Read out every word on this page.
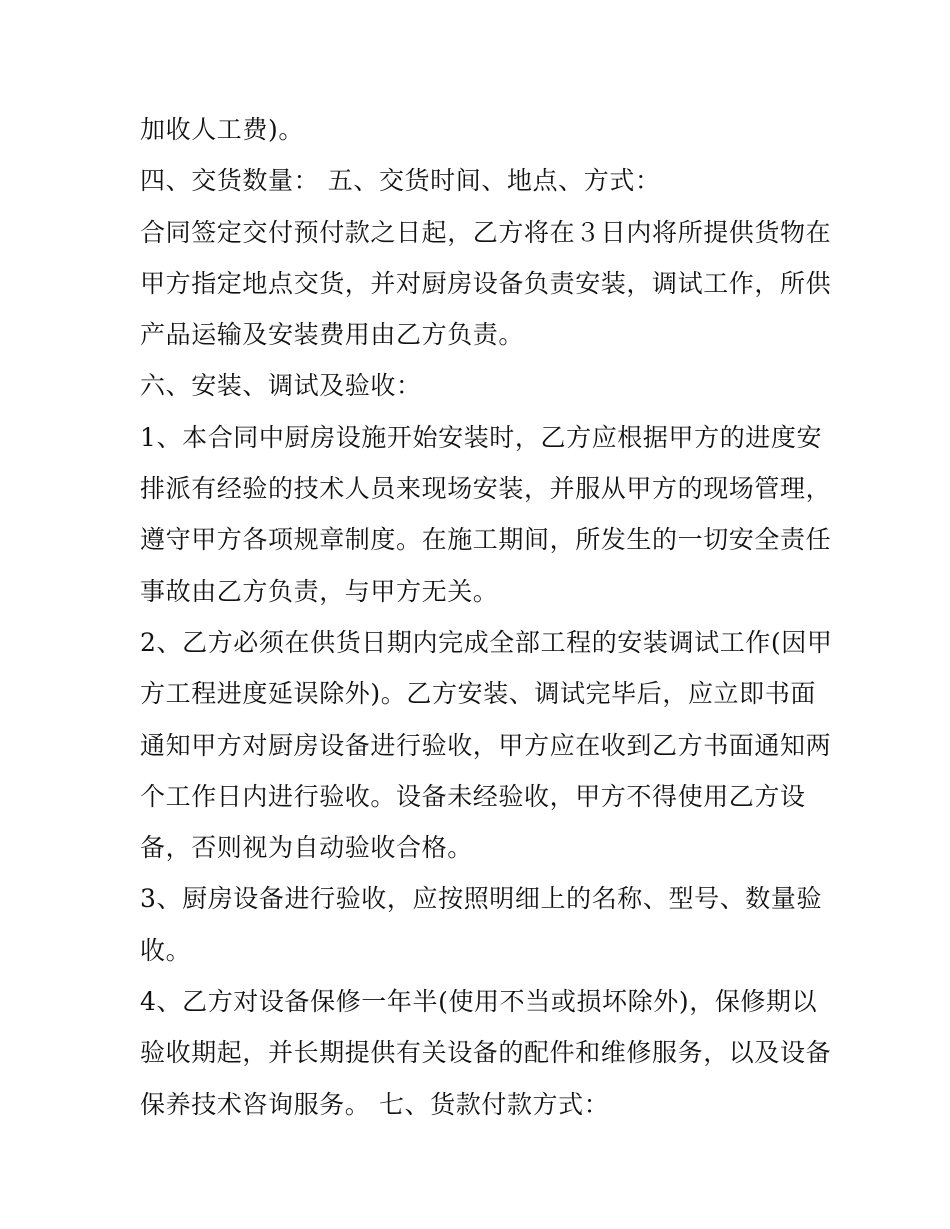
加收人工费)。
四、交货数量： 五、交货时间、地点、方式：
合同签定交付预付款之日起，乙方将在３日内将所提供货物在
甲方指定地点交货，并对厨房设备负责安装，调试工作，所供
产品运输及安装费用由乙方负责。
六、安装、调试及验收：
1、本合同中厨房设施开始安装时，乙方应根据甲方的进度安
排派有经验的技术人员来现场安装，并服从甲方的现场管理，
遵守甲方各项规章制度。在施工期间，所发生的一切安全责任
事故由乙方负责，与甲方无关。
2、乙方必须在供货日期内完成全部工程的安装调试工作(因甲
方工程进度延误除外)。乙方安装、调试完毕后，应立即书面
通知甲方对厨房设备进行验收，甲方应在收到乙方书面通知两
个工作日内进行验收。设备未经验收，甲方不得使用乙方设
备，否则视为自动验收合格。
3、厨房设备进行验收，应按照明细上的名称、型号、数量验
收。
4、乙方对设备保修一年半(使用不当或损坏除外)，保修期以
验收期起，并长期提供有关设备的配件和维修服务，以及设备
保养技术咨询服务。 七、货款付款方式：
